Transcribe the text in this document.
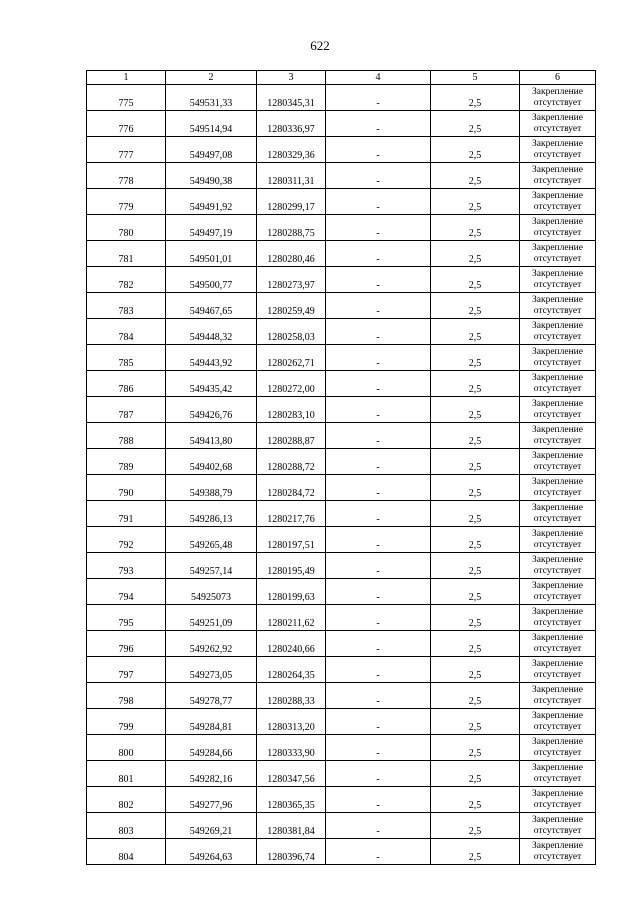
622
1	2	3	4	5	6
775	549531,33	1280345,31	-	2,5	Закрепление
отсутствует

776	549514,94	1280336,97	-	2,5	Закрепление
отсутствует

777	549497,08	1280329,36	-	2,5	Закрепление
отсутствует

778	549490,38	1280311,31	-	2,5	Закрепление
отсутствует

779	549491,92	1280299,17	-	2,5	Закрепление
отсутствует

780	549497,19	1280288,75	-	2,5	Закрепление
отсутствует

781	549501,01	1280280,46	-	2,5	Закрепление
отсутствует

782	549500,77	1280273,97	-	2,5	Закрепление
отсутствует

783	549467,65	1280259,49	-	2,5	Закрепление
отсутствует

784	549448,32	1280258,03	-	2,5	Закрепление
отсутствует

785	549443,92	1280262,71	-	2,5	Закрепление
отсутствует

786	549435,42	1280272,00	-	2,5	Закрепление
отсутствует

787	549426,76	1280283,10	-	2,5	Закрепление
отсутствует

788	549413,80	1280288,87	-	2,5	Закрепление
отсутствует

789	549402,68	1280288,72	-	2,5	Закрепление
отсутствует

790	549388,79	1280284,72	-	2,5	Закрепление
отсутствует

791	549286,13	1280217,76	-	2,5	Закрепление
отсутствует

792	549265,48	1280197,51	-	2,5	Закрепление
отсутствует

793	549257,14	1280195,49	-	2,5	Закрепление
отсутствует

794	54925073	1280199,63	-	2,5	Закрепление
отсутствует

795	549251,09	1280211,62	-	2,5	Закрепление
отсутствует

796	549262,92	1280240,66	-	2,5	Закрепление
отсутствует

797	549273,05	1280264,35	-	2,5	Закрепление
отсутствует

798	549278,77	1280288,33	-	2,5	Закрепление
отсутствует

799	549284,81	1280313,20	-	2,5	Закрепление
отсутствует

800	549284,66	1280333,90	-	2,5	Закрепление
отсутствует

801	549282,16	1280347,56	-	2,5	Закрепление
отсутствует

802	549277,96	1280365,35	-	2,5	Закрепление
отсутствует

803	549269,21	1280381,84	-	2,5	Закрепление
отсутствует

804	549264,63	1280396,74	-	2,5	Закрепление
отсутствует
